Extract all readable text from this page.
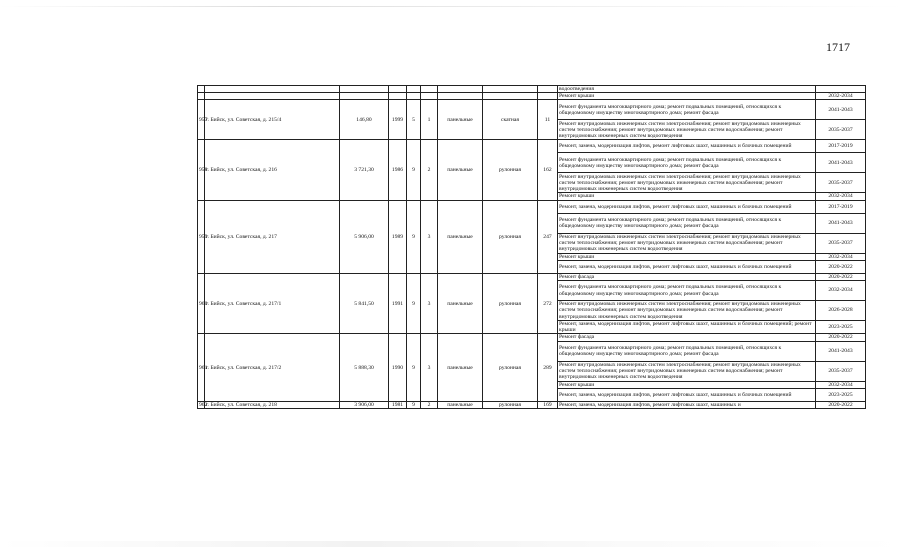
1717
									водоотведения	
									Ремонт крыши	2032-2034
957	г. Бийск, ул. Советская, д. 215/4	146,80	1999	5	1	панельные	скатная	11	Ремонт фундамента многоквартирного дома; ремонт подвальных помещений, относящихся к общедомовому имуществу многоквартирного дома; ремонт фасада	2041-2043
									Ремонт внутридомовых инженерных систем электроснабжения; ремонт внутридомовых инженерных систем теплоснабжения; ремонт внутридомовых инженерных систем водоснабжения; ремонт внутридомовых инженерных систем водоотведения	2035-2037
958	г. Бийск, ул. Советская, д. 216	3 721,30	1986	9	2	панельные	рулонная	162	Ремонт, замена, модернизация лифтов, ремонт лифтовых шахт, машинных и блочных помещений	2017-2019
									Ремонт фундамента многоквартирного дома; ремонт подвальных помещений, относящихся к общедомовому имуществу многоквартирного дома; ремонт фасада	2041-2043
									Ремонт внутридомовых инженерных систем электроснабжения; ремонт внутридомовых инженерных систем теплоснабжения; ремонт внутридомовых инженерных систем водоснабжения; ремонт внутридомовых инженерных систем водоотведения	2035-2037
									Ремонт крыши	2032-2034
959	г. Бийск, ул. Советская, д. 217	5 906,00	1989	9	3	панельные	рулонная	247	Ремонт, замена, модернизация лифтов, ремонт лифтовых шахт, машинных и блочных помещений	2017-2019
									Ремонт фундамента многоквартирного дома; ремонт подвальных помещений, относящихся к общедомовому имуществу многоквартирного дома; ремонт фасада	2041-2043
									Ремонт внутридомовых инженерных систем электроснабжения; ремонт внутридомовых инженерных систем теплоснабжения; ремонт внутридомовых инженерных систем водоснабжения; ремонт внутридомовых инженерных систем водоотведения	2035-2037
									Ремонт крыши	2032-2034
									Ремонт, замена, модернизация лифтов, ремонт лифтовых шахт, машинных и блочных помещений	2020-2022
960	г. Бийск, ул. Советская, д. 217/1	5 841,50	1991	9	3	панельные	рулонная	272	Ремонт фасада	2020-2022
									Ремонт фундамента многоквартирного дома; ремонт подвальных помещений, относящихся к общедомовому имуществу многоквартирного дома; ремонт фасада	2032-2034
									Ремонт внутридомовых инженерных систем электроснабжения; ремонт внутридомовых инженерных систем теплоснабжения; ремонт внутридомовых инженерных систем водоснабжения; ремонт внутридомовых инженерных систем водоотведения	2026-2028
									Ремонт, замена, модернизация лифтов, ремонт лифтовых шахт, машинных и блочных помещений; ремонт крыши	2023-2025
961	г. Бийск, ул. Советская, д. 217/2	5 888,30	1990	9	3	панельные	рулонная	289	Ремонт фасада	2020-2022
									Ремонт фундамента многоквартирного дома; ремонт подвальных помещений, относящихся к общедомовому имуществу многоквартирного дома; ремонт фасада	2041-2043
									Ремонт внутридомовых инженерных систем электроснабжения; ремонт внутридомовых инженерных систем теплоснабжения; ремонт внутридомовых инженерных систем водоснабжения; ремонт внутридомовых инженерных систем водоотведения	2035-2037
									Ремонт крыши	2032-2034
									Ремонт, замена, модернизация лифтов, ремонт лифтовых шахт, машинных и блочных помещений	2023-2025
962	г. Бийск, ул. Советская, д. 218	3 906,00	1981	9	2	панельные	рулонная	169	Ремонт, замена, модернизация лифтов, ремонт лифтовых шахт, машинных и	2020-2022
